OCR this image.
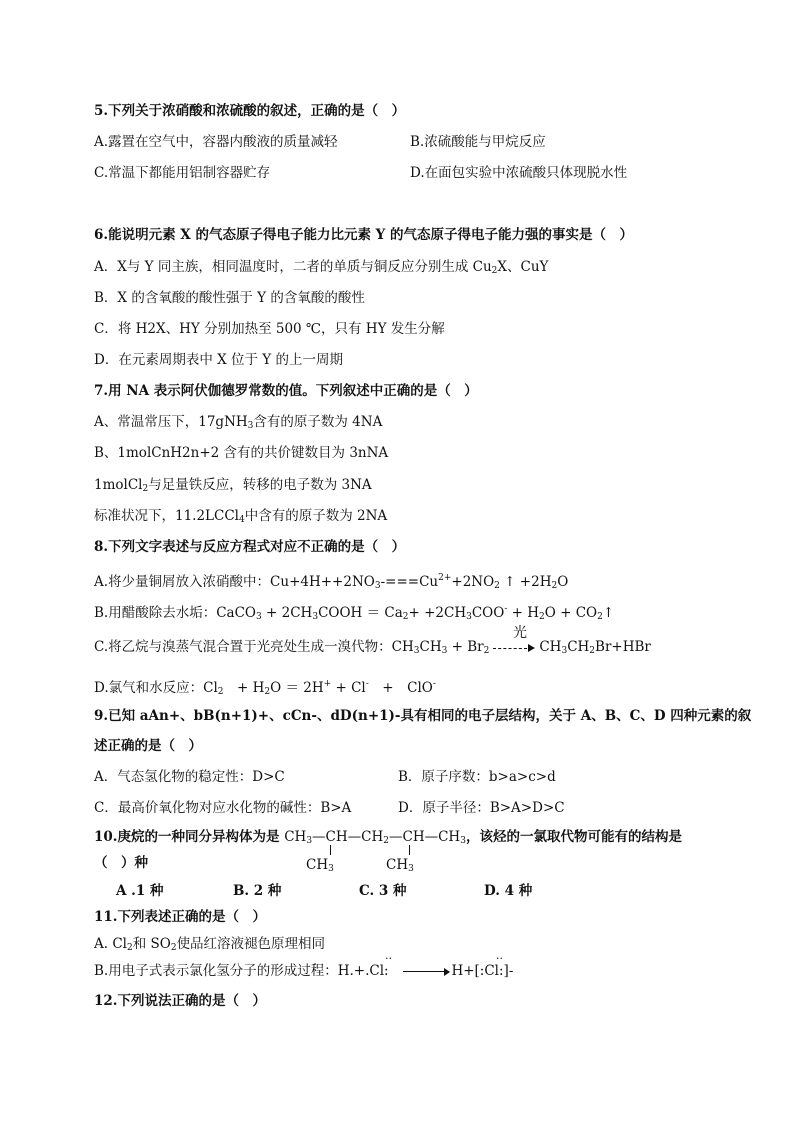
5.下列关于浓硝酸和浓硫酸的叙述，正确的是（　）
A.露置在空气中，容器内酸液的质量减轻	B.浓硫酸能与甲烷反应
C.常温下都能用铝制容器贮存	D.在面包实验中浓硫酸只体现脱水性
6.能说明元素 X 的气态原子得电子能力比元素 Y 的气态原子得电子能力强的事实是（　）
A．X与 Y 同主族，相同温度时，二者的单质与铜反应分别生成 $Cu_2X$、CuY
B．X 的含氧酸的酸性强于 Y 的含氧酸的酸性
C．将 H2X、HY 分别加热至 500 ℃，只有 HY 发生分解
D．在元素周期表中 X 位于 Y 的上一周期
7.用 NA 表示阿伏伽德罗常数的值。下列叙述中正确的是（　）
A、常温常压下，17gNH$_3$含有的原子数为 4NA
B、1molCnH2n+2 含有的共价键数目为 3nNA
1molCl$_2$与足量铁反应，转移的电子数为 3NA
标准状况下，11.2LCCl$_4$中含有的原子数为 2NA
8.下列文字表述与反应方程式对应不正确的是（　）
A.将少量铜屑放入浓硝酸中：$Cu+4H++2NO_3-===Cu^{2+}+2NO_2$ ↑ $+2H_2O$
B.用醋酸除去水垢：CaCO$_3$ + $2CH_3COOH = Ca_2+ +2CH_3COO^- + H_2O$ + $CO_2↑$
C.将乙烷与溴蒸气混合置于光亮处生成一溴代物：$CH_3CH_3 + Br_2$	$CH_3CH_2Br+HBr$
光
D.氯气和水反应：$Cl_2$　+ $H_2O = 2H^+ + Cl^-$　+　ClO-
9.已知 aAn+、bB(n+1)+、cCn-、dD(n+1)-具有相同的电子层结构，关于 A、B、C、D 四种元素的叙
述正确的是（　）
A．气态氢化物的稳定性：D>C	B．原子序数：b>a>c>d
C．最高价氧化物对应水化物的碱性：B>A	D．原子半径：B>A>D>C
10.庚烷的一种同分异构体为是 $CH_3—CH—CH_2—CH—CH_3$，该烃的一氯取代物可能有的结构是
（　）种	$CH_3$	$CH_3$
A .1 种	B. 2 种	C. 3 种	D. 4 种
11.下列表述正确的是（　）
A. $Cl_2$和 $SO_2$使品红溶液褪色原理相同
..	..
B.用电子式表示氯化氢分子的形成过程：H.+.Cl:	H+[:Cl:]-
12.下列说法正确的是（　）
